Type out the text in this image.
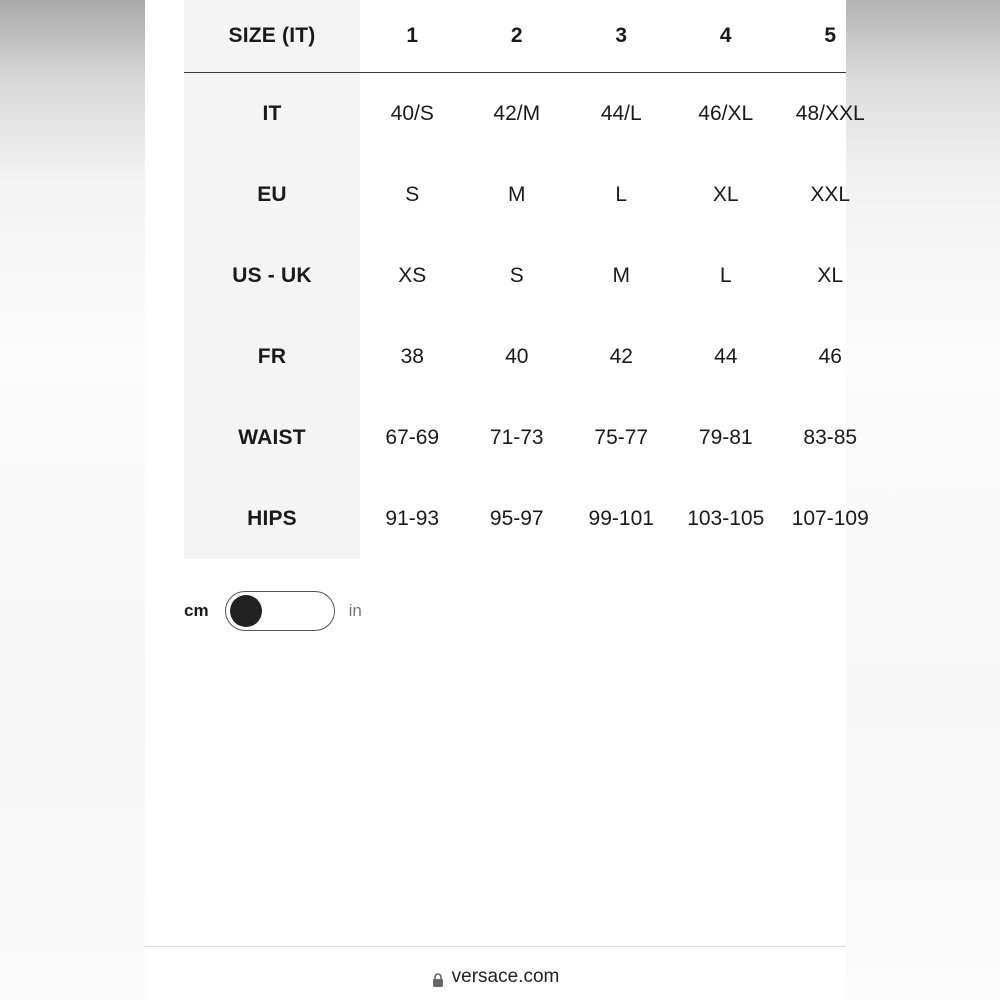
SIZE (IT)	1	2	3	4	5
IT	40/S	42/M	44/L	46/XL	48/XXL
EU	S	M	L	XL	XXL
US - UK	XS	S	M	L	XL
FR	38	40	42	44	46
WAIST	67-69	71-73	75-77	79-81	83-85
HIPS	91-93	95-97	99-101	103-105	107-109
cm	in
versace.com
